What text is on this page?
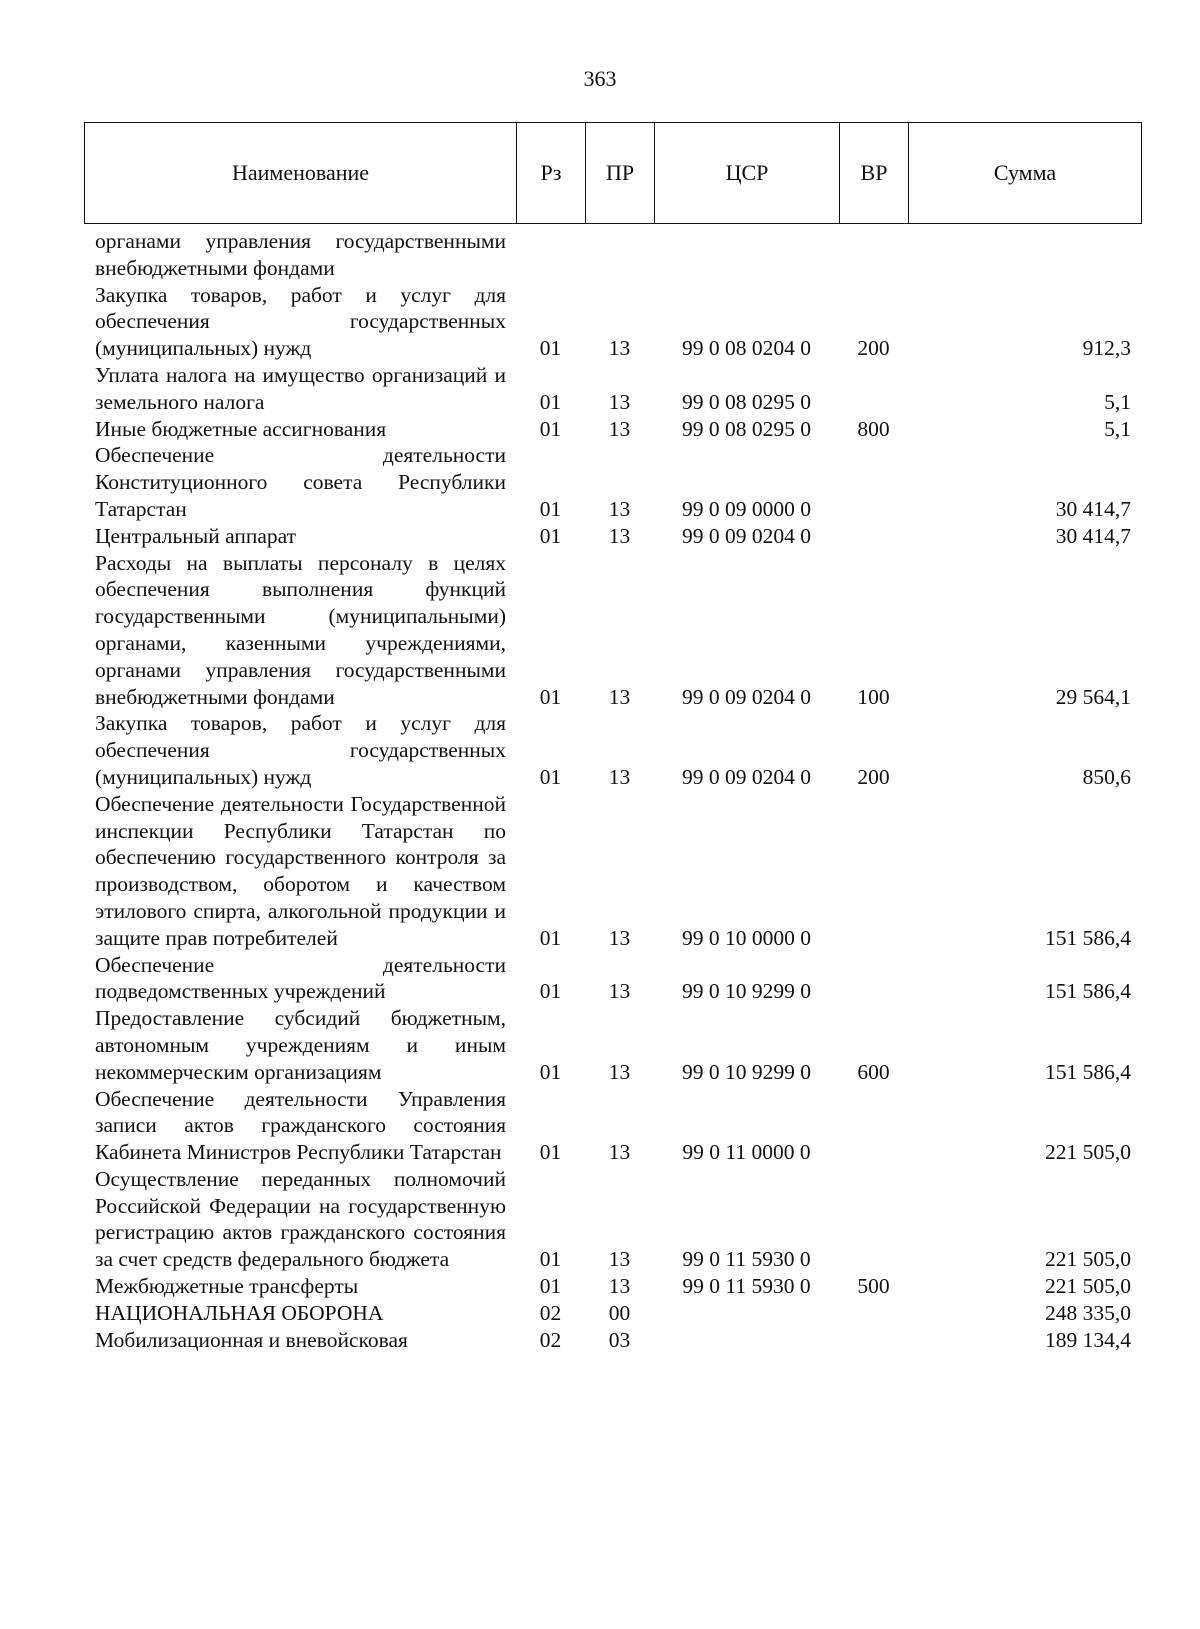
363
Наименование	Рз	ПР	ЦСР	ВР	Сумма
органами управления государственными внебюджетными фондами					
Закупка товаров, работ и услуг для обеспечения государственных (муниципальных) нужд	01	13	99 0 08 0204 0	200	912,3
Уплата налога на имущество организаций и земельного налога	01	13	99 0 08 0295 0		5,1
Иные бюджетные ассигнования	01	13	99 0 08 0295 0	800	5,1
Обеспечение деятельности Конституционного совета Республики Татарстан	01	13	99 0 09 0000 0		30 414,7
Центральный аппарат	01	13	99 0 09 0204 0		30 414,7
Расходы на выплаты персоналу в целях обеспечения выполнения функций государственными (муниципальными) органами, казенными учреждениями, органами управления государственными внебюджетными фондами	01	13	99 0 09 0204 0	100	29 564,1
Закупка товаров, работ и услуг для обеспечения государственных (муниципальных) нужд	01	13	99 0 09 0204 0	200	850,6
Обеспечение деятельности Государственной инспекции Республики Татарстан по обеспечению государственного контроля за производством, оборотом и качеством этилового спирта, алкогольной продукции и защите прав потребителей	01	13	99 0 10 0000 0		151 586,4
Обеспечение деятельности подведомственных учреждений	01	13	99 0 10 9299 0		151 586,4
Предоставление субсидий бюджетным, автономным учреждениям и иным некоммерческим организациям	01	13	99 0 10 9299 0	600	151 586,4
Обеспечение деятельности Управления записи актов гражданского состояния Кабинета Министров Республики Татарстан	01	13	99 0 11 0000 0		221 505,0
Осуществление переданных полномочий Российской Федерации на государственную регистрацию актов гражданского состояния за счет средств федерального бюджета	01	13	99 0 11 5930 0		221 505,0
Межбюджетные трансферты	01	13	99 0 11 5930 0	500	221 505,0
НАЦИОНАЛЬНАЯ ОБОРОНА	02	00			248 335,0
Мобилизационная и вневойсковая	02	03			189 134,4
